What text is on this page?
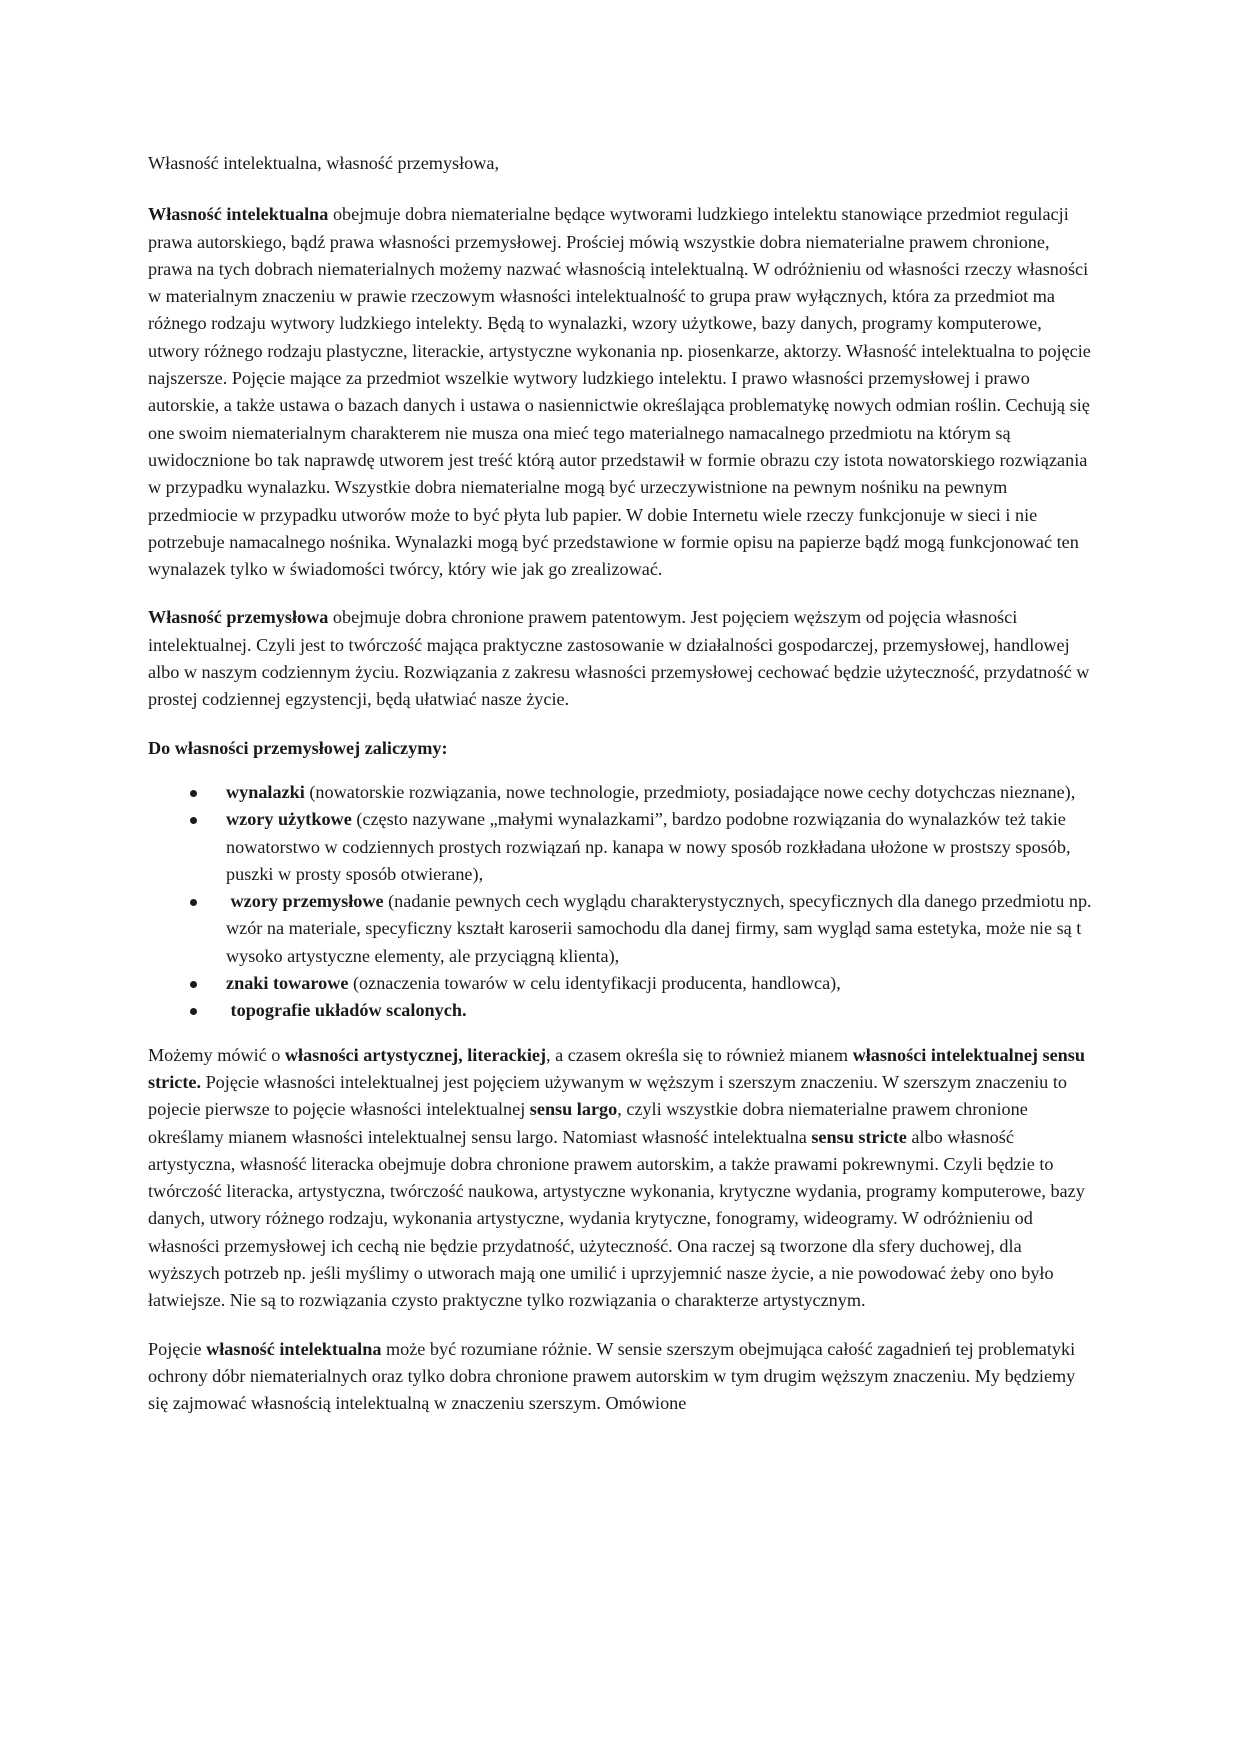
Własność intelektualna, własność przemysłowa,

Własność intelektualna obejmuje dobra niematerialne będące wytworami ludzkiego intelektu stanowiące przedmiot regulacji prawa autorskiego, bądź prawa własności przemysłowej. Prościej mówią wszystkie dobra niematerialne prawem chronione, prawa na tych dobrach niematerialnych możemy nazwać własnością intelektualną. W odróżnieniu od własności rzeczy własności w materialnym znaczeniu w prawie rzeczowym własności intelektualność to grupa praw wyłącznych, która za przedmiot ma różnego rodzaju wytwory ludzkiego intelekty. Będą to wynalazki, wzory użytkowe, bazy danych, programy komputerowe, utwory różnego rodzaju plastyczne, literackie, artystyczne wykonania np. piosenkarze, aktorzy. Własność intelektualna to pojęcie najszersze. Pojęcie mające za przedmiot wszelkie wytwory ludzkiego intelektu. I prawo własności przemysłowej i prawo autorskie, a także ustawa o bazach danych i ustawa o nasiennictwie określająca problematykę nowych odmian roślin. Cechują się one swoim niematerialnym charakterem nie musza ona mieć tego materialnego namacalnego przedmiotu na którym są uwidocznione bo tak naprawdę utworem jest treść którą autor przedstawił w formie obrazu czy istota nowatorskiego rozwiązania w przypadku wynalazku. Wszystkie dobra niematerialne mogą być urzeczywistnione na pewnym nośniku na pewnym przedmiocie w przypadku utworów może to być płyta lub papier. W dobie Internetu wiele rzeczy funkcjonuje w sieci i nie potrzebuje namacalnego nośnika. Wynalazki mogą być przedstawione w formie opisu na papierze bądź mogą funkcjonować ten wynalazek tylko w świadomości twórcy, który wie jak go zrealizować.

Własność przemysłowa obejmuje dobra chronione prawem patentowym. Jest pojęciem węższym od pojęcia własności intelektualnej. Czyli jest to twórczość mająca praktyczne zastosowanie w działalności gospodarczej, przemysłowej, handlowej albo w naszym codziennym życiu. Rozwiązania z zakresu własności przemysłowej cechować będzie użyteczność, przydatność w prostej codziennej egzystencji, będą ułatwiać nasze życie.

Do własności przemysłowej zaliczymy:

wynalazki (nowatorskie rozwiązania, nowe technologie, przedmioty, posiadające nowe cechy dotychczas nieznane),
wzory użytkowe (często nazywane „małymi wynalazkami”, bardzo podobne rozwiązania do wynalazków też takie nowatorstwo w codziennych prostych rozwiązań np. kanapa w nowy sposób rozkładana ułożone w prostszy sposób, puszki w prosty sposób otwierane),
wzory przemysłowe (nadanie pewnych cech wyglądu charakterystycznych, specyficznych dla danego przedmiotu np. wzór na materiale, specyficzny kształt karoserii samochodu dla danej firmy, sam wygląd sama estetyka, może nie są t wysoko artystyczne elementy, ale przyciągną klienta),
znaki towarowe (oznaczenia towarów w celu identyfikacji producenta, handlowca),
topografie układów scalonych.

Możemy mówić o własności artystycznej, literackiej, a czasem określa się to również mianem własności intelektualnej sensu stricte. Pojęcie własności intelektualnej jest pojęciem używanym w węższym i szerszym znaczeniu. W szerszym znaczeniu to pojecie pierwsze to pojęcie własności intelektualnej sensu largo, czyli wszystkie dobra niematerialne prawem chronione określamy mianem własności intelektualnej sensu largo. Natomiast własność intelektualna sensu stricte albo własność artystyczna, własność literacka obejmuje dobra chronione prawem autorskim, a także prawami pokrewnymi. Czyli będzie to twórczość literacka, artystyczna, twórczość naukowa, artystyczne wykonania, krytyczne wydania, programy komputerowe, bazy danych, utwory różnego rodzaju, wykonania artystyczne, wydania krytyczne, fonogramy, wideogramy. W odróżnieniu od własności przemysłowej ich cechą nie będzie przydatność, użyteczność. Ona raczej są tworzone dla sfery duchowej, dla wyższych potrzeb np. jeśli myślimy o utworach mają one umilić i uprzyjemnić nasze życie, a nie powodować żeby ono było łatwiejsze. Nie są to rozwiązania czysto praktyczne tylko rozwiązania o charakterze artystycznym.

Pojęcie własność intelektualna może być rozumiane różnie. W sensie szerszym obejmująca całość zagadnień tej problematyki ochrony dóbr niematerialnych oraz tylko dobra chronione prawem autorskim w tym drugim węższym znaczeniu. My będziemy się zajmować własnością intelektualną w znaczeniu szerszym. Omówione
